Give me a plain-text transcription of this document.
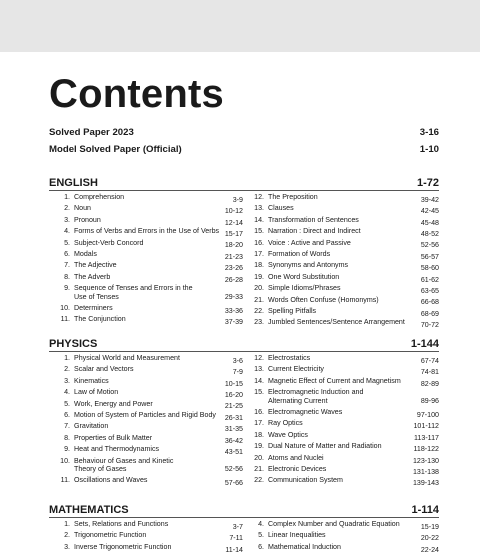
Contents
Solved Paper 2023	3-16
Model Solved Paper (Official)	1-10
ENGLISH	1-72
1. Comprehension	3-9
2. Noun	10-12
3. Pronoun	12-14
4. Forms of Verbs and Errors in the Use of Verbs 15-17
5. Subject-Verb Concord	18-20
6. Modals	21-23
7. The Adjective	23-26
8. The Adverb	26-28
9. Sequence of Tenses and Errors in the
Use of Tenses	29-33
10. Determiners	33-36
11. The Conjunction	37-39
12. The Preposition	39-42
13. Clauses	42-45
14. Transformation of Sentences	45-48
15. Narration : Direct and Indirect	48-52
16. Voice : Active and Passive	52-56
17. Formation of Words	56-57
18. Synonyms and Antonyms	58-60
19. One Word Substitution	61-62
20. Simple Idioms/Phrases	63-65
21. Words Often Confuse (Homonyms)	66-68
22. Spelling Pitfalls	68-69
23. Jumbled Sentences/Sentence Arrangement 70-72
PHYSICS	1-144
1. Physical World and Measurement	3-6
2. Scalar and Vectors	7-9
3. Kinematics	10-15
4. Law of Motion	16-20
5. Work, Energy and Power	21-25
6. Motion of System of Particles and Rigid Body 26-31
7. Gravitation	31-35
8. Properties of Bulk Matter	36-42
9. Heat and Thermodynamics	43-51
10. Behaviour of Gases and Kinetic
Theory of Gases	52-56
11. Oscillations and Waves	57-66
12. Electrostatics	67-74
13. Current Electricity	74-81
14. Magnetic Effect of Current and Magnetism	82-89
15. Electromagnetic Induction and
Alternating Current	89-96
16. Electromagnetic Waves	97-100
17. Ray Optics	101-112
18. Wave Optics	113-117
19. Dual Nature of Matter and Radiation	118-122
20. Atoms and Nuclei	123-130
21. Electronic Devices	131-138
22. Communication System	139-143
MATHEMATICS	1-114
1. Sets, Relations and Functions	3-7
2. Trigonometric Function	7-11
3. Inverse Trigonometric Function	11-14
4. Complex Number and Quadratic Equation	15-19
5. Linear Inequalities	20-22
6. Mathematical Induction	22-24
